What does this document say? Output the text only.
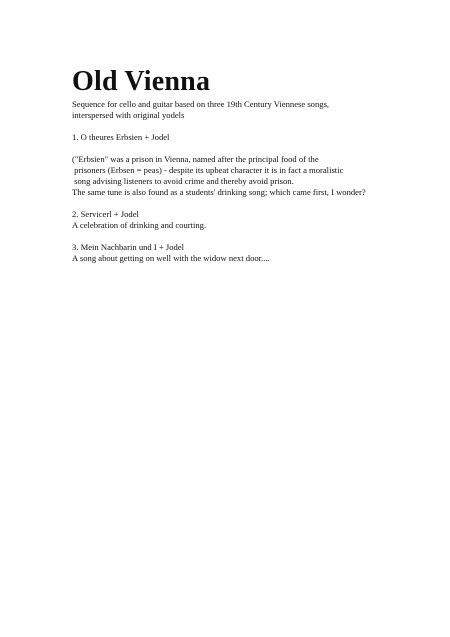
Old Vienna

Sequence for cello and guitar based on three 19th Century Viennese songs,

interspersed with original yodels

1. O theures Erbsien + Jodel

("Erbsien" was a prison in Vienna, named after the principal food of the

prisoners (Erbsen = peas) - despite its upbeat character it is in fact a moralistic

song advising listeners to avoid crime and thereby avoid prison.

The same tune is also found as a students' drinking song; which came first, I wonder?

2. Servicerl + Jodel

A celebration of drinking and courting.

3. Mein Nachbarin und I + Jodel

A song about getting on well with the widow next door....
